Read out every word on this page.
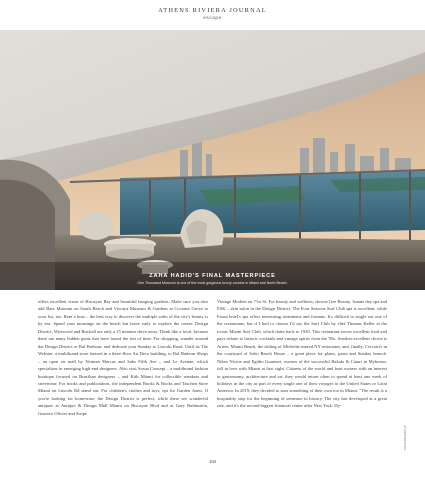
ATHENS RIVIERA JOURNAL
escape
ZAHA HADID'S FINAL MASTERPIECE
One Thousand Museum is one of the most gorgeous luxury condos in Miami and North Beach.

offers excellent vistas of Biscayne Bay and beautiful hanging gardens. Make sure you also add Bass Museum on South Beach and Vizcaya Museum & Gardens at Coconut Grove to your list, too. Rent a boat – the best way to discover the multiple sides of the city's beauty is by sea. Spend your mornings on the beach but leave early to explore the center. Design District, Wynwood and Brickell are only a 15 minutes drive away. Think like a local, because there are many hidden gems that have lasted the test of time. For shopping, wander around the Design District or Bal Harbour, and dedicate your Sunday to Lincoln Road. Until its The Webster, a multibrand store housed in a three-floor Art Deco building, to Bal Harbour Shops – an open air mall by Neiman Marcus and Saks Fifth Ave – and Le Avenue, which specializes in emerging high-end designers. Also visit Sosua Concept – a multibrand fashion boutique focused on Brazilian designers – and Kith Miami for collectible sneakers and streetwear. For books and publications, the independent Books & Books and Taschen Store Miami on Lincoln Rd stand out. For children's clothes and toys, opt for Garden Jones. If you're looking for homeware, the Design District is perfect, while there are wonderful antiques at Antique & Design Mall Miami on Biscayne Blvd and at Gary Rubinstein, Gustavo Olivier and Stripe

Vintage Modern on 71st St. For beauty and wellness, choose Gee Beauty, Isanne day spa and ESK – skin salon in the Design District. The Four Seasons Surf Club spa is excellent, while Fausa hotel's spa offers interesting treatments and formats. It's difficult to single out one of the restaurants, but if I had to choose I'd say the Surf Club by chef Thomas Keller at the iconic Miami Surf Club, which dates back to 1930. This restaurant serves excellent food and pays tribute to historic cocktails and vintage spirits from the '50s. Another excellent choice is Ariete, Miami Beach, the sibling of Michelin-starred NY restaurant, and, finally, Cecconi's in the courtyard of Soho Beach House – a great place for plates, pasta and Sunday brunch. Nikos Nicion and Egidio Guarneri, owners of the successful Bakalo & Catari in Mykonos, fell in love with Miami at first sight. Citizens of the world and boat owners with an interest in gastronomy, architecture and art, they would return often to spend at least one week of holidays in the city as part of every single one of their voyages to the United States or Latin America. In 2019, they decided to start something of their own too in Miami. "The result is a hospitality stop for the beginning of someone in history. The city has developed at a great rate, and it's the second biggest financial center after New York. Dy-

PHOTOGRAPHY
104
